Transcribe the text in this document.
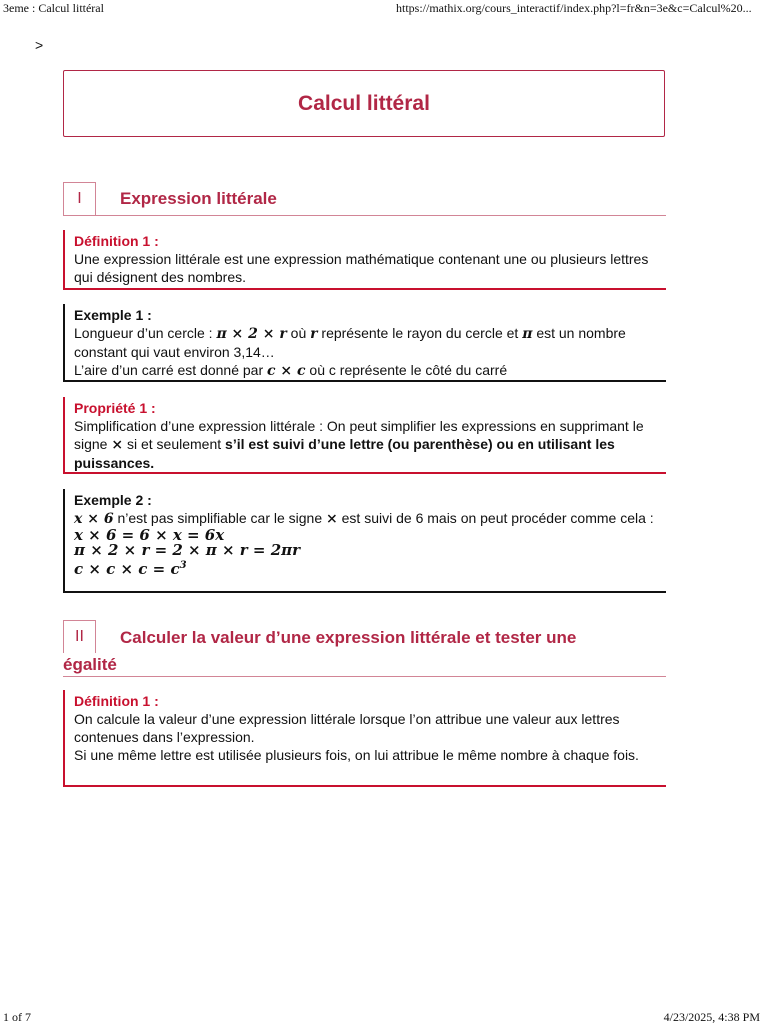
3eme : Calcul littéral	https://mathix.org/cours_interactif/index.php?l=fr&n=3e&c=Calcul%20...
1 of 7	4/23/2025, 4:38 PM
>
Calcul littéral
I	Expression littérale
Définition 1 :
Une expression littérale est une expression mathématique contenant une ou plusieurs lettres qui désignent des nombres.
Exemple 1 :
Longueur d’un cercle : π × 2 × r où r représente le rayon du cercle et π est un nombre constant qui vaut environ 3,14…
L’aire d’un carré est donné par c × c où c représente le côté du carré
Propriété 1 :
Simplification d’une expression littérale : On peut simplifier les expressions en supprimant le signe × si et seulement s’il est suivi d’une lettre (ou parenthèse) ou en utilisant les puissances.
Exemple 2 :
x × 6 n’est pas simplifiable car le signe × est suivi de 6 mais on peut procéder comme cela :
x × 6 = 6 × x = 6x
π × 2 × r = 2 × π × r = 2πr
$c \times c \times c = c^3$
II	Calculer la valeur d’une expression littérale et tester une
égalité
Définition 1 :
On calcule la valeur d’une expression littérale lorsque l’on attribue une valeur aux lettres contenues dans l’expression.
Si une même lettre est utilisée plusieurs fois, on lui attribue le même nombre à chaque fois.
